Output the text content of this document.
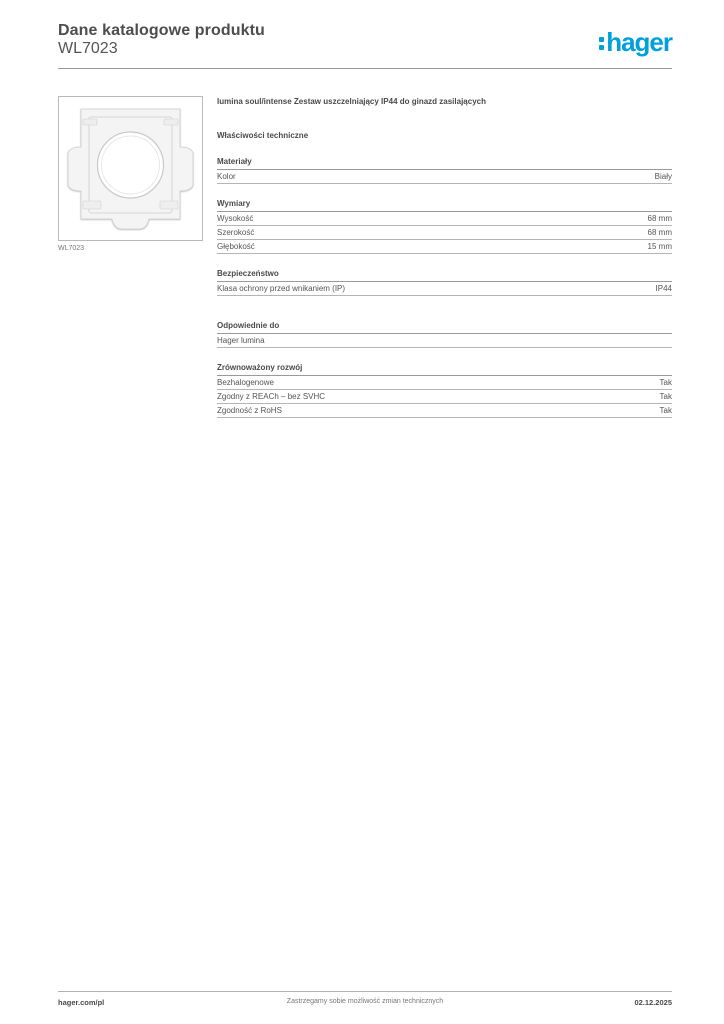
Dane katalogowe produktu
WL7023	hager
WL7023
lumina soul/intense Zestaw uszczelniający IP44 do ginazd zasilających
Właściwości techniczne
Materiały
Kolor	Biały
Wymiary
Wysokość	68 mm
Szerokość	68 mm
Głębokość	15 mm
Bezpieczeństwo
Klasa ochrony przed wnikaniem (IP)	IP44
Odpowiednie do
Hager lumina
Zrównoważony rozwój
Bezhalogenowe	Tak
Zgodny z REACh – bez SVHC	Tak
Zgodność z RoHS	Tak
hager.com/pl	Zastrzegamy sobie możliwość zmian technicznych	02.12.2025
